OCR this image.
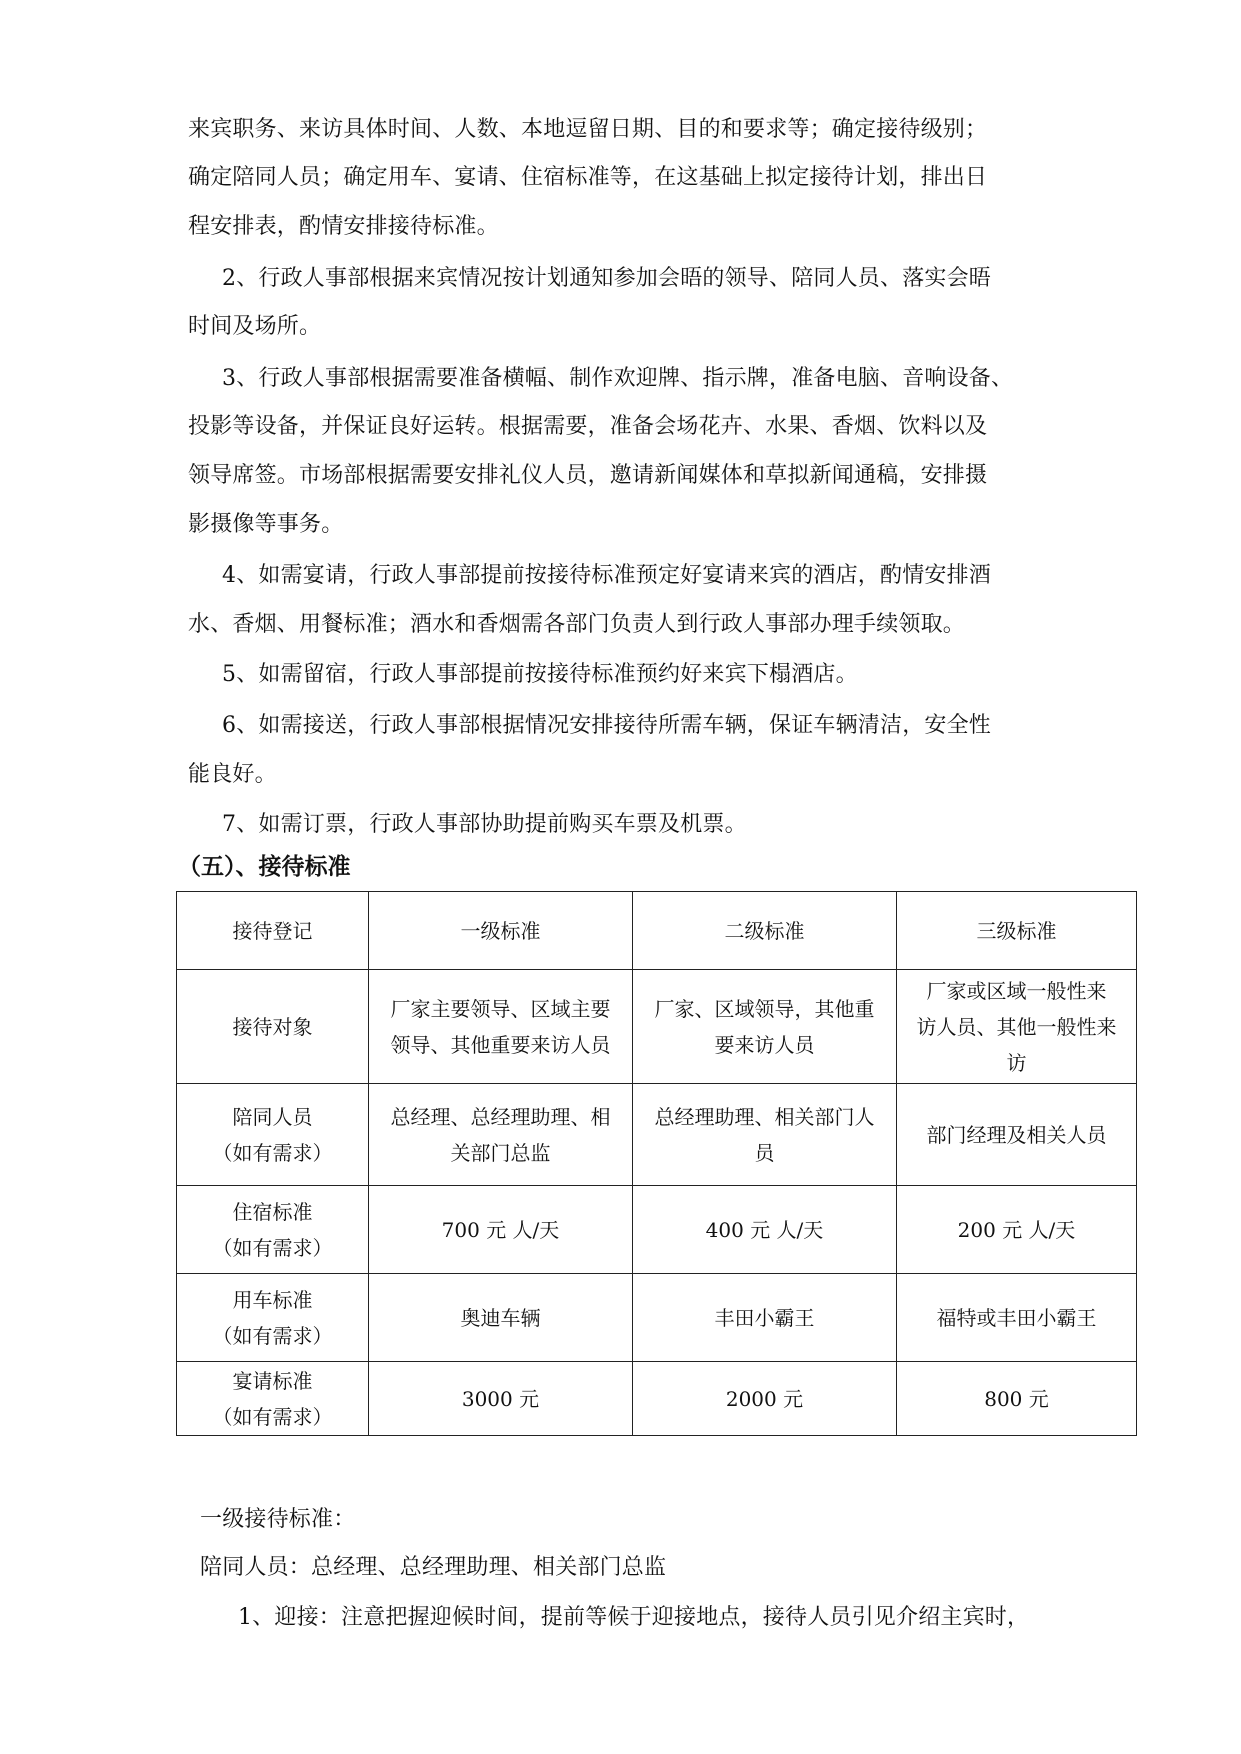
来宾职务、来访具体时间、人数、本地逗留日期、目的和要求等；确定接待级别；
确定陪同人员；确定用车、宴请、住宿标准等，在这基础上拟定接待计划，排出日
程安排表，酌情安排接待标准。
2、行政人事部根据来宾情况按计划通知参加会晤的领导、陪同人员、落实会晤
时间及场所。
3、行政人事部根据需要准备横幅、制作欢迎牌、指示牌，准备电脑、音响设备、
投影等设备，并保证良好运转。根据需要，准备会场花卉、水果、香烟、饮料以及
领导席签。市场部根据需要安排礼仪人员，邀请新闻媒体和草拟新闻通稿，安排摄
影摄像等事务。
4、如需宴请，行政人事部提前按接待标准预定好宴请来宾的酒店，酌情安排酒
水、香烟、用餐标准；酒水和香烟需各部门负责人到行政人事部办理手续领取。
5、如需留宿，行政人事部提前按接待标准预约好来宾下榻酒店。
6、如需接送，行政人事部根据情况安排接待所需车辆，保证车辆清洁，安全性
能良好。
7、如需订票，行政人事部协助提前购买车票及机票。
（五）、接待标准
接待登记	一级标准	二级标准	三级标准

接待对象	厂家主要领导、区域主要
领导、其他重要来访人员	厂家、区域领导，其他重
要来访人员	厂家或区域一般性来
访人员、其他一般性来
访

陪同人员
（如有需求）	总经理、总经理助理、相
关部门总监	总经理助理、相关部门人
员	部门经理及相关人员

住宿标准
（如有需求）	700 元 人/天	400 元 人/天	200 元 人/天

用车标准
（如有需求）	奥迪车辆	丰田小霸王	福特或丰田小霸王

宴请标准
（如有需求）	3000 元	2000 元	800 元
一级接待标准：
陪同人员：总经理、总经理助理、相关部门总监
1、迎接：注意把握迎候时间，提前等候于迎接地点，接待人员引见介绍主宾时，
